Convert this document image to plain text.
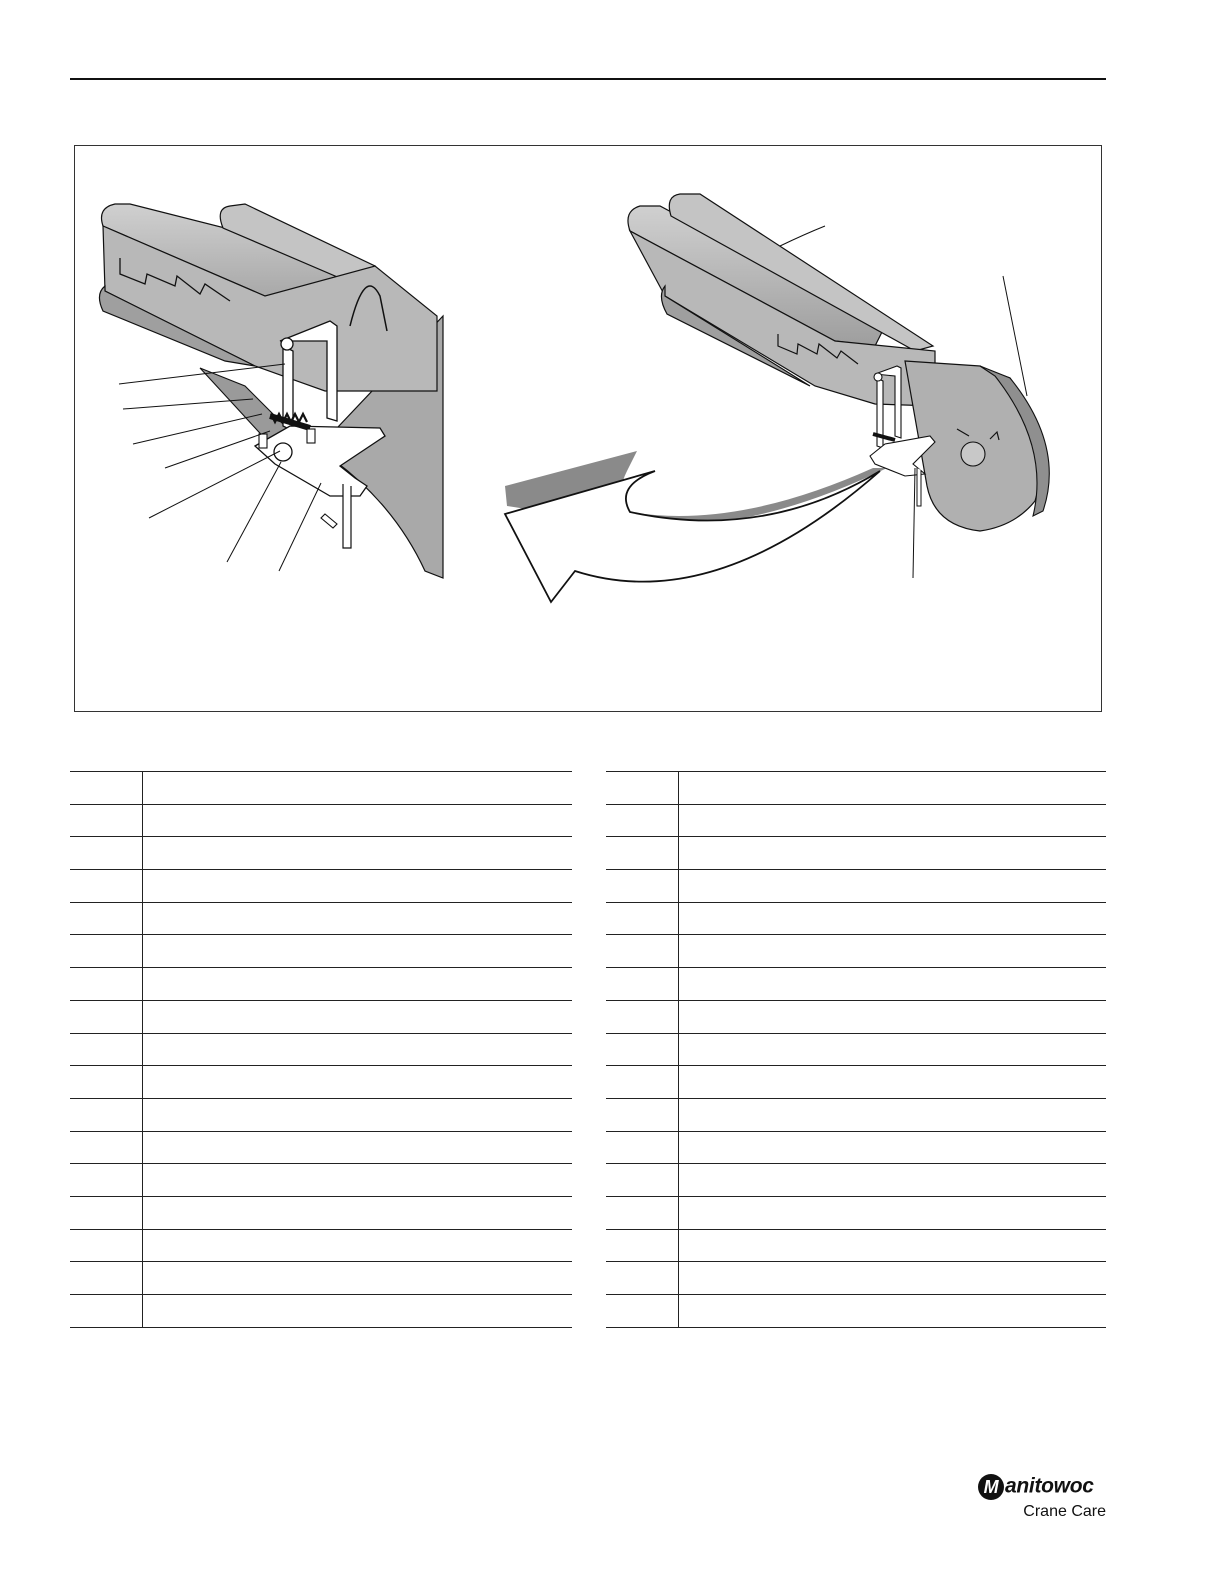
M anitowoc
Crane Care
